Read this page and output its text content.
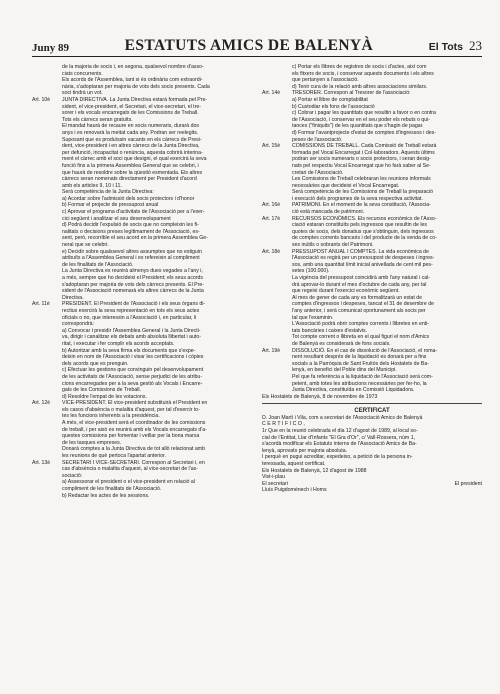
Juny 89	ESTATUTS AMICS DE BALENYÀ	El Tots 23

de la majoria de socis i, en segona, qualsevol nombre d'asso-

ciats concurrents.

Els acords de l'Assemblea, tant si és ordinària com extraordi-

nària, s'adoptaran per majoria de vots dels socis presents. Cada

soci tindrà un vot.

Art. 10è	JUNTA DIRECTIVA. La Junta Directiva estarà formada pel Pre-

sident, el vice-president, el Secretari, el vice-secretari, el tre-

sorer i els vocals encarregats de les Comissions de Treball.

Tots els càrrecs seran gratuïts.

El mandat haurà de recaure en socis numeraris, durarà dos

anys i es renovarà la meitat cada any. Podran ser reelegits.

Suposant que es produïssin vacants en els càrrecs de Presi-

dent, vice-president i en altres càrrecs de la Junta Directiva,

per defunció, incapacitat o renúncia, aquesta cobrirà interina-

ment el càrrec amb el soci que designi, el qual exercirà la seva

funció fins a la primera Assemblea General que se celebri, i

que haurà de resoldre sobre la qüestió esmentada. Els altres

càrrecs seran nomenats directament per President d'acord

amb els articles 9, 10 i 11.

Serà competència de la Junta Directiva:

a) Acordar sobre l'admissió dels socis protectors i d'honor

b) Formar el projecte de pressupost anual

c) Aprovar el programa d'activitats de l'Associació per a l'exer-

cici següent i analitzar el seu desenvolupament

d) Podrà decidir l'expulsió de socis que no compleixin les fi-

nalitats o decisions preses legítimament de l'Associació, es-

sent, però, recorrible el seu acord en la primera Assemblea Ge-

neral que se celebri.

e) Decidir sobre qualssevol altres assumptes que no estiguin

atribuïts a l'Assemblea General i es refereixin al compliment

de les finalitats de l'Associació.

La Junta Directiva es reunirà almenys dues vegades a l'any i,

a més, sempre que ho decideixi el President; els seus acords

s'adoptaran per majoria de vots dels càrrecs presents. El Pre-

sident de l'Associació nomenarà els altres càrrecs de la Junta

Directiva.

Art. 11è	PRESIDENT. El President de l'Associació i els seus òrgans di-

rectius exercirà la seva representació en tots els seus actes

oficials o no, que interessin a l'Associació i, en particular, li

correspondrà:

a) Convocar i presidir l'Assemblea General i la Junta Directi-

va, dirigir i canalitzar els debats amb absoluta llibertat i auto-

ritat, i executar i fer complir els acords acceptats.

b) Autoritzar amb la seva firma els documents que s'expe-

deixin en nom de l'Associació i visar les certificacions i còpies

dels acords que es prenguin.

c) Efectuar les gestions que convinguin pel desenvolupament

de les activitats de l'Associació, sense perjudici de les atribu-

cions encarregades per a la seva gestió als Vocals i Encarre-

gats de les Comissions de Treball.

d) Resoldre l'empat de les votacions.

Art. 12è	VICE-PRESIDENT. El vice-president substituirà el President en

els casos d'absència o malaltia d'aquest, per tal d'exercir to-

tes les funcions inherents a la presidència.

A més, el vice-president serà el coordinador de les comissions

de treball, i per això es reunirà amb els Vocals encarregats d'a-

questes comissions per fomentar i vetllar per la bona marxa

de les tasques empreses.

Donarà comptes a la Junta Directiva de tot allò relacionat amb

les reunions de què pertoca l'apartat anterior.

Art. 13è	SECRETARI I VICE-SECRETARI. Correspon al Secretari i, en

cas d'absència o malaltia d'aquest, al vice-secretari de l'as-

sociació:

a) Assessorar el president o el vice-president en relació al

compliment de les finalitats de l'Associació.

b) Redactar les actes de les sessions.

c) Portar els llibres de registres de socis i d'actes, així com

els fitxers de socis, i conservar aquests documents i els altres

que pertanyen a l'associació.

d) Tenir cura de la relació amb altres associacions similars.

Art. 14è	TRESORER. Correspon al Tresorer de l'associació:

a) Portar el llibre de comptabilitat

b) Custodiar els fons de l'associació

c) Cobrar i pagar les quantitats que resultin a favor o en contra

de l'Associació, i conservar en el seu poder els rebuts o qui-

tances ("finiquits") de les quantitats que s'hagin de pagar.

d) Formar l'avantprojecte d'estat de comptes d'ingressos i des-

peses de l'associació.

Art. 15è	COMISSIONS DE TREBALL. Cada Comissió de Treball estarà

formada pel Vocal Encarregat i Col·laboradors. Aquests últims

podran ser socis numeraris o socis protectors, i seran desig-

nats pel respectiu Vocal Encarregat que ho farà saber al Se-

cretari de l'Associació.

Les Comissions de Treball celebraran les reunions informals

necessàries que decideixi el Vocal Encarregat.

Serà competència de les Comissions de Treball la preparació

i execució dels programes de la seva respectiva activitat.

Art. 16è	PATRIMONI. En el moment de la seva constitució, l'Associa-

ció està mancada de patrimoni.

Art. 17è	RECURSOS ECONÒMICS. Els recursos econòmics de l'Asso-

ciació estaran constituïts pels ingressos que resultin de les

quotes de socis, dels donatius que s'obtinguin, dels ingressos

de comptes corrents bancaris i del producte de la venda de co-

ses inútils o sobrants del Patrimoni.

Art. 18è	PRESSUPOST ANUAL I COMPTES. La vida econòmica de

l'Associació es regirà per un pressupost de despeses i ingres-

sos, amb una quantitat límit inicial anivellada de cent mil pes-

setes (100.000).

La vigència del pressupost coincidirà amb l'any natural i cal-

drà aprovar-lo durant el mes d'octubre de cada any, per tal

que regeixi durant l'exercici econòmic següent.

Al mes de gener de cada any es formalitzarà un estat de

comptes d'ingressos i despeses, tancat el 31 de desembre de

l'any anterior, i serà comunicat oportunament als socis per

tal que l'examinin.

L'Associació podrà obrir comptes corrents i llibretes en enti-

tats bancàries i caixes d'estalvis.

Tot compte corrent o llibreta en el qual figuri el nom d'Amics

de Balenyà es considerarà de fons socials.

Art. 19è	DISSOLUCIÓ. En el cas de dissolució de l'Associació, el roma-

nent resultant després de la liquidació es donarà per a fins

socials a la Parròquia de Sant Fruitós dels Hostalets de Ba-

lenyà, en benefici del Poble dins del Municipi.

Pel que fa referència a la liquidació de l'Associació serà com-

petent, amb totes les atribucions necessàries per fer-ho, la

Junta Directiva, constituïda en Comissió Liquidadora.

Els Hostalets de Balenyà, 8 de novembre de 1973

CERTIFICAT

D. Joan Martí i Vila, com a secretari de l'Associació Amics de Balenyà

CERTIFICO,

1r Que en la reunió celebrada el dia 12 d'agost de 1989, al local so-

cial de l'Entitat, Llar d'Infants "El Gra d'Or", c/ Vall-Rossera, núm 1,

s'acordà modificar els Estatuts interns de l'Associació Amics de Ba-

lenyà, aprovats per majoria absoluta.

I perquè en pugui acreditar, expedeixo, a petició de la persona in-

teressada, aquest certificat.

Els Hostalets de Balenyà, 12 d'agost de 1988

Vist-i-plau

El secretari	El president

Lluís Puigdomènech i Homs
